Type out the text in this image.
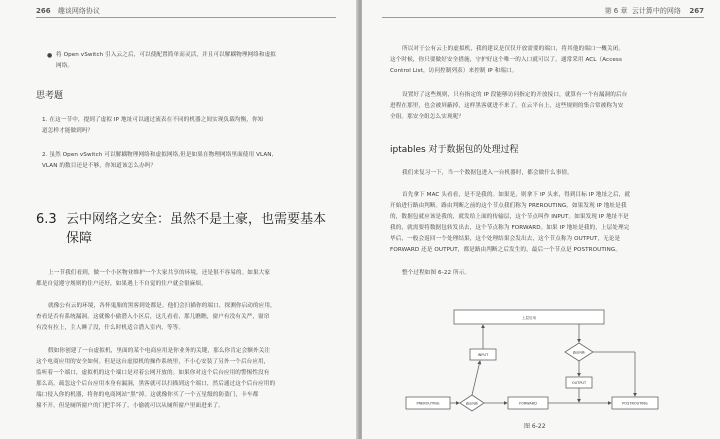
266 趣谈网络协议
● 将 Open vSwitch 引入云之后，可以使配置简单而灵活，并且可以解耦物理网络和虚拟
网络。
思考题
1. 在这一节中，提到了虚拟 IP 地址可以通过流表在不同的机器之间实现负载均衡，你知
道怎样才能做到吗？
2. 虽然 Open vSwitch 可以解耦物理网络和虚拟网络,但是如果在物理网络里面使用 VLAN,
VLAN 的数目还是不够，你知道该怎么办吗？
6.3 云中网络之安全：虽然不是土豪，也需要基本
保障
上一节我们看到，做一个小区物业维护一个大家共享的环境，还是很不容易的。如果大家
都是自觉遵守规则的住户还好，如果遇上不自觉的住户就会很麻烦。
就像公有云的环境，各怀鬼胎的黑客到处都是。他们会扫描你的端口，探测你启动的应用，
查看是否有系统漏洞。这就像小偷潜入小区后，这儿看看，那儿瞧瞧，窗户有没有关严，窗帘
有没有拉上，主人睡了没，什么时机适合潜入室内，等等。
假如你创建了一台虚拟机，里面的某个电商应用是你业务的关键，那么你肯定会额外关注
这个电商应用的安全如何。但是这台虚拟机的操作系统里，不小心安装了另外一个后台应用，
监听着一个端口，虚拟机的这个端口是对着公网开放的。如果你对这个后台应用的警惕性没有
那么高，疏忽这个后台应用本身有漏洞，黑客就可以扫描到这个端口，然后通过这个后台应用的
端口侵入你的机器，将你的电商网站“黑”掉。这就像你买了一个五星级的防盗门，卡车都
撞不开，但是厕所窗户的门把手坏了，小偷就可以从厕所窗户里面进来了。
第 6 章 云计算中的网络 267
所以对于公有云上的虚拟机，我的建议是仅仅开放需要的端口，将其他的端口一概关闭。
这个时候，你只要做好安全措施，守护好这个唯一的入口就可以了。通常采用 ACL（Access
Control List，访问控制列表）来控制 IP 和端口。
设置好了这些规则，只有指定的 IP 段能够访问指定的开放接口，就算有一个有漏洞的后台
进程在那里，也会被屏蔽掉，这样黑客就进不来了。在云平台上，这些规则的集合常被称为安
全组。那安全组怎么实现呢？
iptables 对于数据包的处理过程
我们来复习一下，当一个数据包进入一台机器时，都会做什么事情。
首先拿下 MAC 头看看，是不是我的。如果是，则拿下 IP 头来，得到目标 IP 地址之后，就
开始进行路由判断。路由判断之前的这个节点我们称为 PREROUTING。如果发现 IP 地址是我
的，数据包就应该是我的，就发给上面的传输层，这个节点叫作 INPUT。如果发现 IP 地址不是
我的，就需要将数据包转发出去，这个节点称为 FORWARD。如果 IP 地址是我的，上层处理完
毕后，一般会返回一个处理结果，这个处理结果会发出去，这个节点称为 OUTPUT，无论是
FORWARD 还是 OUTPUT，都是路由判断之后发生的，最后一个节点是 POSTROUTING。
整个过程如图 6-22 所示。
上层应用
INPUT
OUTPUT
PREROUTING	FORWARD	POSTROUTING
路由判断
路由判断
图 6-22
